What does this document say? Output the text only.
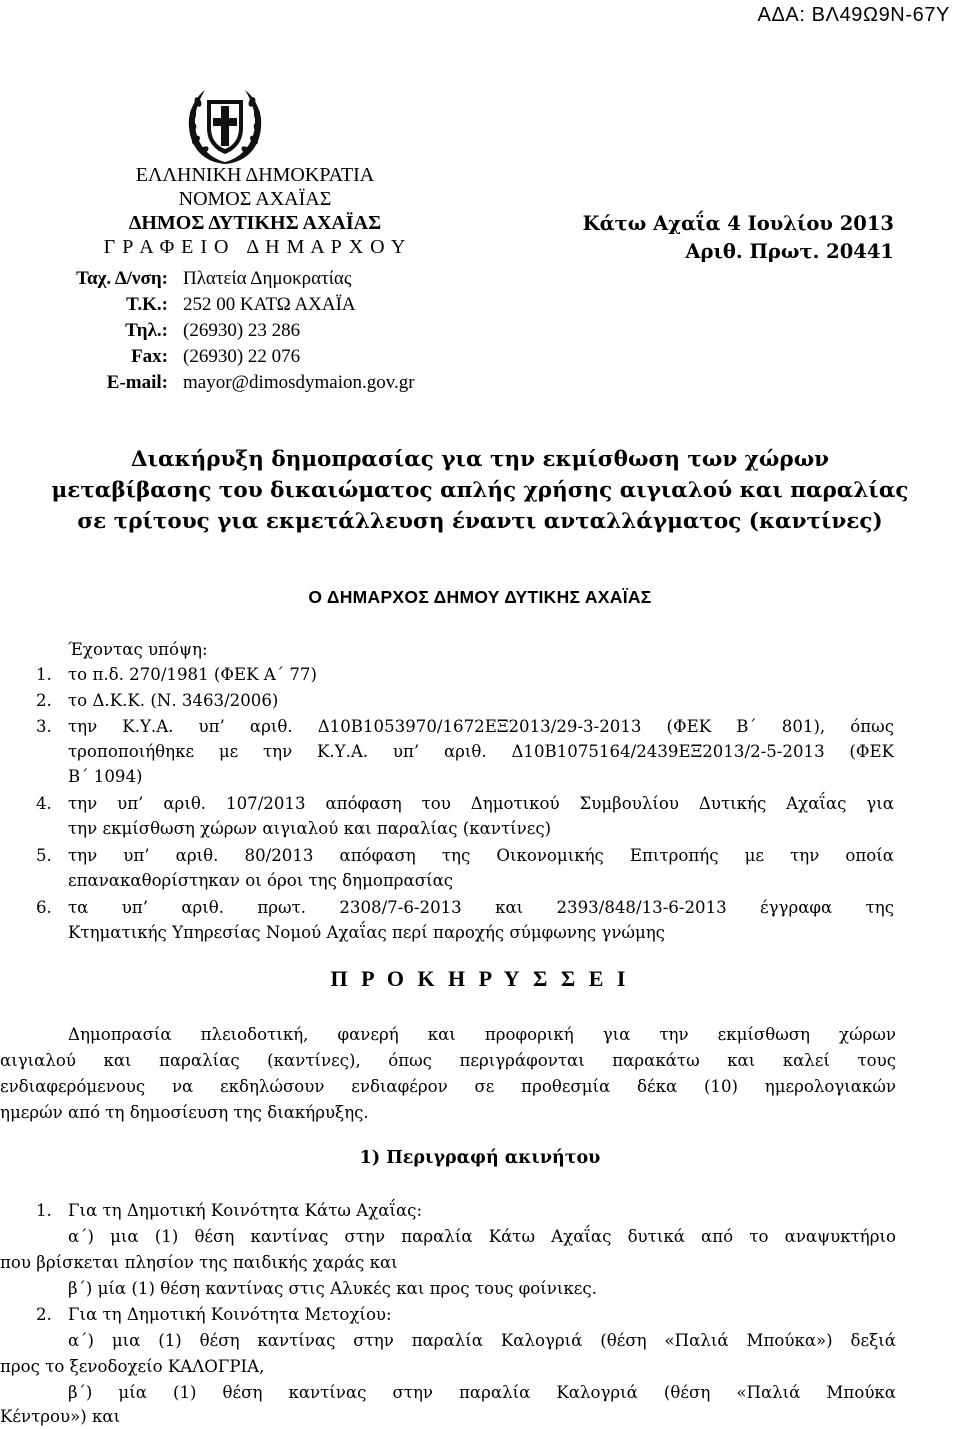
ΑΔΑ: ΒΛ49Ω9Ν-67Υ
ΕΛΛΗΝΙΚΗ ΔΗΜΟΚΡΑΤΙΑ
ΝΟΜΟΣ ΑΧΑΪΑΣ
ΔΗΜΟΣ ΔΥΤΙΚΗΣ ΑΧΑΪΑΣ
Γ Ρ Α Φ Ε Ι Ο   Δ Η Μ Α Ρ Χ Ο Υ
Ταχ. Δ/νση: Πλατεία Δημοκρατίας
Τ.Κ.: 252 00 ΚΑΤΩ ΑΧΑΪΑ
Τηλ.: (26930) 23 286
Fax: (26930) 22 076
E-mail: mayor@dimosdymaion.gov.gr
Κάτω Αχαΐα 4 Ιουλίου 2013
Αριθ. Πρωτ. 20441
Διακήρυξη δημοπρασίας για την εκμίσθωση των χώρων
μεταβίβασης του δικαιώματος απλής χρήσης αιγιαλού και παραλίας
σε τρίτους για εκμετάλλευση έναντι ανταλλάγματος (καντίνες)
Ο ΔΗΜΑΡΧΟΣ ΔΗΜΟΥ ΔΥΤΙΚΗΣ ΑΧΑΪΑΣ
Έχοντας υπόψη:
1. το π.δ. 270/1981 (ΦΕΚ Α΄ 77)
2. το Δ.Κ.Κ. (Ν. 3463/2006)
3. την Κ.Υ.Α. υπ’ αριθ. Δ10Β1053970/1672ΕΞ2013/29-3-2013 (ΦΕΚ Β΄ 801), όπως
τροποποιήθηκε με την Κ.Υ.Α. υπ’ αριθ. Δ10Β1075164/2439ΕΞ2013/2-5-2013 (ΦΕΚ
Β΄ 1094)
4. την υπ’ αριθ. 107/2013 απόφαση του Δημοτικού Συμβουλίου Δυτικής Αχαΐας για
την εκμίσθωση χώρων αιγιαλού και παραλίας (καντίνες)
5. την υπ’ αριθ. 80/2013 απόφαση της Οικονομικής Επιτροπής με την οποία
επανακαθορίστηκαν οι όροι της δημοπρασίας
6. τα υπ’ αριθ. πρωτ. 2308/7-6-2013 και 2393/848/13-6-2013 έγγραφα της
Κτηματικής Υπηρεσίας Νομού Αχαΐας περί παροχής σύμφωνης γνώμης
Π Ρ Ο Κ Η Ρ Υ Σ Σ Ε Ι
Δημοπρασία πλειοδοτική, φανερή και προφορική για την εκμίσθωση χώρων
αιγιαλού και παραλίας (καντίνες), όπως περιγράφονται παρακάτω και καλεί τους
ενδιαφερόμενους να εκδηλώσουν ενδιαφέρον σε προθεσμία δέκα (10) ημερολογιακών
ημερών από τη δημοσίευση της διακήρυξης.
1) Περιγραφή ακινήτου
1. Για τη Δημοτική Κοινότητα Κάτω Αχαΐας:
α΄) μια (1) θέση καντίνας στην παραλία Κάτω Αχαΐας δυτικά από το αναψυκτήριο
που βρίσκεται πλησίον της παιδικής χαράς και
β΄) μία (1) θέση καντίνας στις Αλυκές και προς τους φοίνικες.
2. Για τη Δημοτική Κοινότητα Μετοχίου:
α΄) μια (1) θέση καντίνας στην παραλία Καλογριά (θέση «Παλιά Μπούκα») δεξιά
προς το ξενοδοχείο ΚΑΛΟΓΡΙΑ,
β΄) μία (1) θέση καντίνας στην παραλία Καλογριά (θέση «Παλιά Μπούκα
Κέντρου») και
